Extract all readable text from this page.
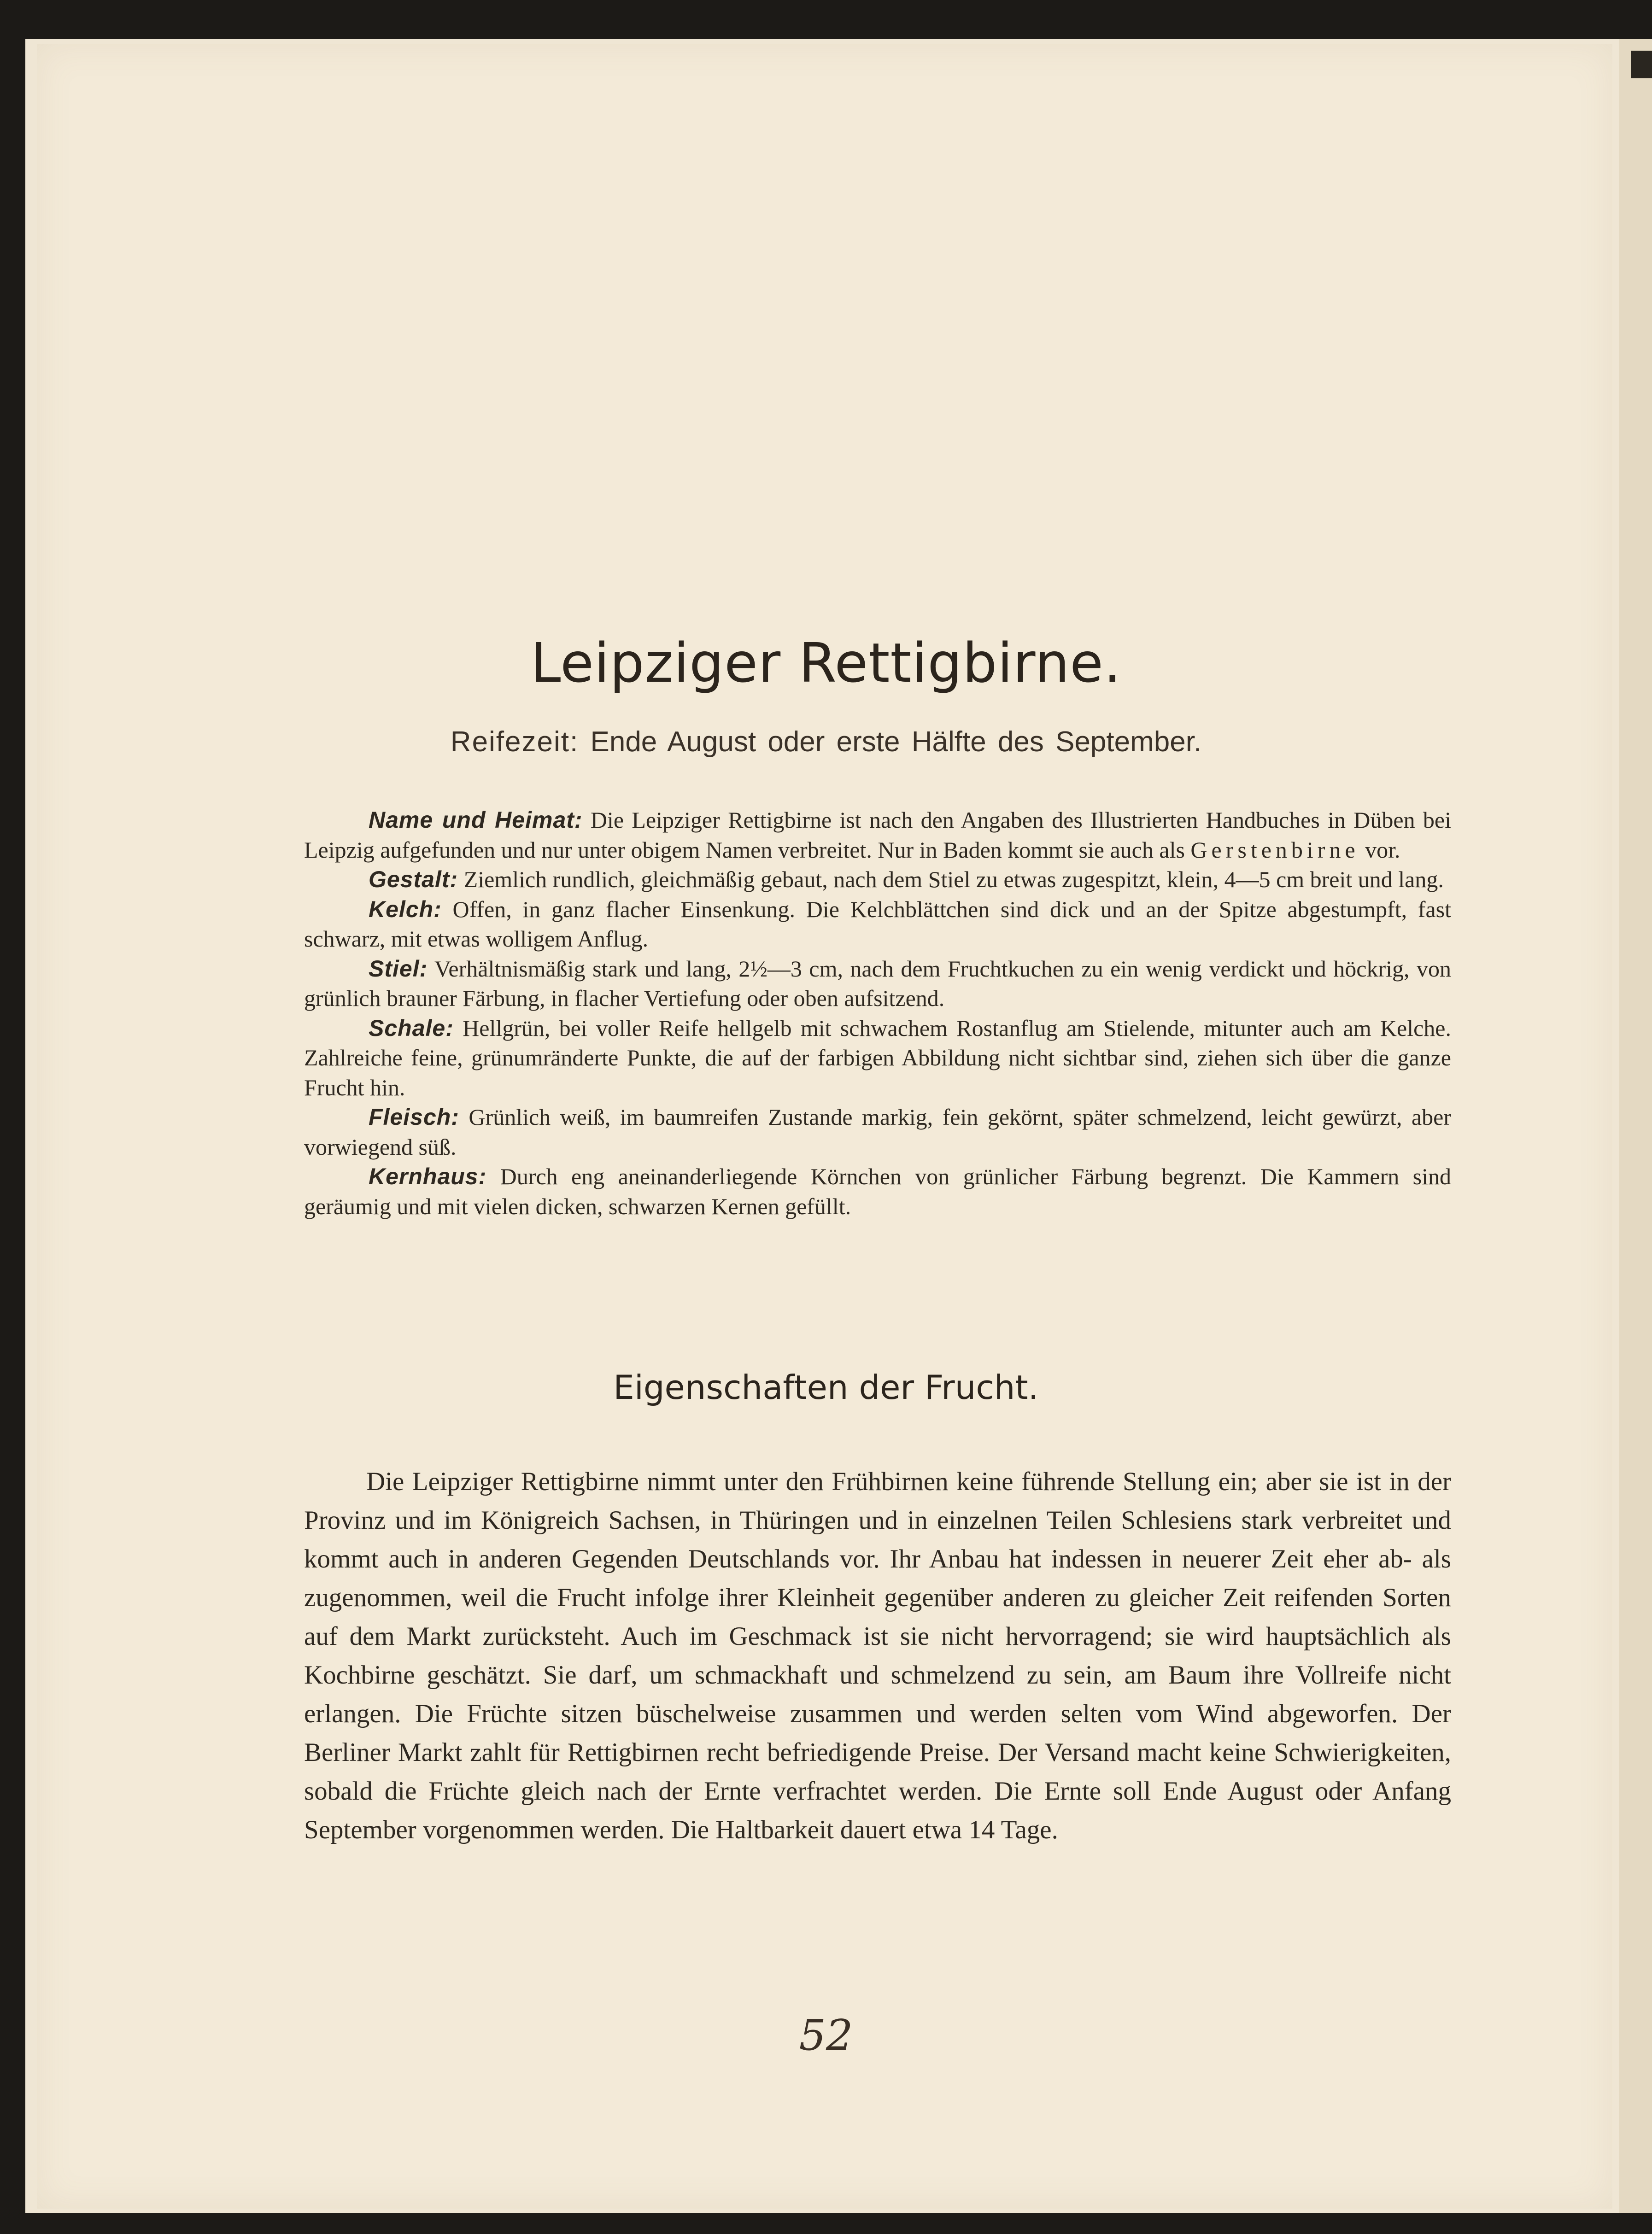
Leipziger Rettigbirne.
Reifezeit: Ende August oder erste Hälfte des September.

Name und Heimat: Die Leipziger Rettigbirne ist nach den Angaben des Illustrierten Handbuches in Düben bei Leipzig aufgefunden und nur unter obigem Namen verbreitet. Nur in Baden kommt sie auch als Gerstenbirne vor.

Gestalt: Ziemlich rundlich, gleichmäßig gebaut, nach dem Stiel zu etwas zugespitzt, klein, 4—5 cm breit und lang.

Kelch: Offen, in ganz flacher Einsenkung. Die Kelchblättchen sind dick und an der Spitze abgestumpft, fast schwarz, mit etwas wolligem Anflug.

Stiel: Verhältnismäßig stark und lang, 2½—3 cm, nach dem Fruchtkuchen zu ein wenig verdickt und höckrig, von grünlich brauner Färbung, in flacher Vertiefung oder oben aufsitzend.

Schale: Hellgrün, bei voller Reife hellgelb mit schwachem Rostanflug am Stielende, mitunter auch am Kelche. Zahlreiche feine, grünumränderte Punkte, die auf der farbigen Abbildung nicht sichtbar sind, ziehen sich über die ganze Frucht hin.

Fleisch: Grünlich weiß, im baumreifen Zustande markig, fein gekörnt, später schmelzend, leicht gewürzt, aber vorwiegend süß.

Kernhaus: Durch eng aneinanderliegende Körnchen von grünlicher Färbung begrenzt. Die Kammern sind geräumig und mit vielen dicken, schwarzen Kernen gefüllt.

Eigenschaften der Frucht.

Die Leipziger Rettigbirne nimmt unter den Frühbirnen keine führende Stellung ein; aber sie ist in der Provinz und im Königreich Sachsen, in Thüringen und in einzelnen Teilen Schlesiens stark verbreitet und kommt auch in anderen Gegenden Deutschlands vor. Ihr Anbau hat indessen in neuerer Zeit eher ab- als zugenommen, weil die Frucht infolge ihrer Kleinheit gegenüber anderen zu gleicher Zeit reifenden Sorten auf dem Markt zurücksteht. Auch im Geschmack ist sie nicht hervorragend; sie wird hauptsächlich als Kochbirne geschätzt. Sie darf, um schmackhaft und schmelzend zu sein, am Baum ihre Vollreife nicht erlangen. Die Früchte sitzen büschelweise zusammen und werden selten vom Wind abgeworfen. Der Berliner Markt zahlt für Rettigbirnen recht befriedigende Preise. Der Versand macht keine Schwierigkeiten, sobald die Früchte gleich nach der Ernte verfrachtet werden. Die Ernte soll Ende August oder Anfang September vorgenommen werden. Die Haltbarkeit dauert etwa 14 Tage.

52
